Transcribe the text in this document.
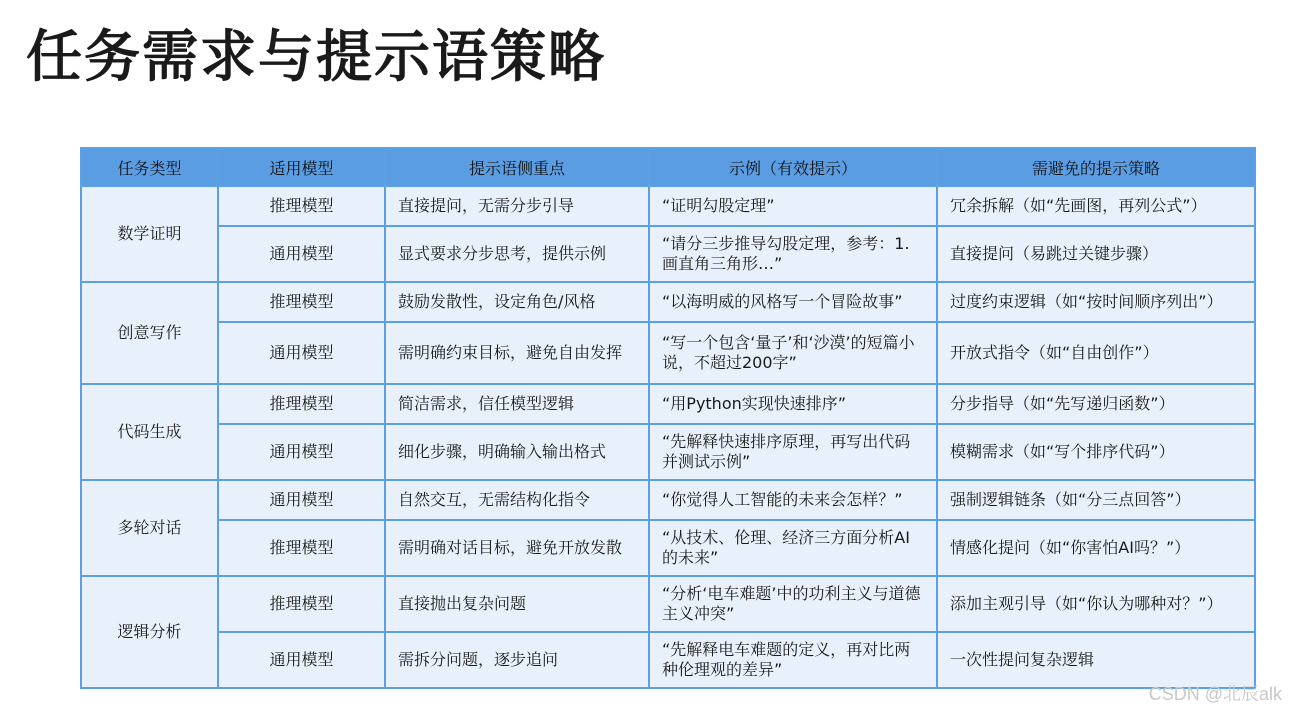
任务需求与提示语策略
任务类型	适用模型	提示语侧重点	示例（有效提示）	需避免的提示策略
数学证明	推理模型	直接提问，无需分步引导	“证明勾股定理”	冗余拆解（如“先画图，再列公式”）
	通用模型	显式要求分步思考，提供示例	“请分三步推导勾股定理，参考：1. 画直角三角形…”	直接提问（易跳过关键步骤）
创意写作	推理模型	鼓励发散性，设定角色/风格	“以海明威的风格写一个冒险故事”	过度约束逻辑（如“按时间顺序列出”）
	通用模型	需明确约束目标，避免自由发挥	“写一个包含‘量子’和‘沙漠’的短篇小说，不超过200字”	开放式指令（如“自由创作”）
代码生成	推理模型	简洁需求，信任模型逻辑	“用Python实现快速排序”	分步指导（如“先写递归函数”）
	通用模型	细化步骤，明确输入输出格式	“先解释快速排序原理，再写出代码并测试示例”	模糊需求（如“写个排序代码”）
多轮对话	通用模型	自然交互，无需结构化指令	“你觉得人工智能的未来会怎样？”	强制逻辑链条（如“分三点回答”）
	推理模型	需明确对话目标，避免开放发散	“从技术、伦理、经济三方面分析AI的未来”	情感化提问（如“你害怕AI吗？”）
逻辑分析	推理模型	直接抛出复杂问题	“分析‘电车难题’中的功利主义与道德主义冲突”	添加主观引导（如“你认为哪种对？”）
	通用模型	需拆分问题，逐步追问	“先解释电车难题的定义，再对比两种伦理观的差异”	一次性提问复杂逻辑
CSDN @北辰alk
